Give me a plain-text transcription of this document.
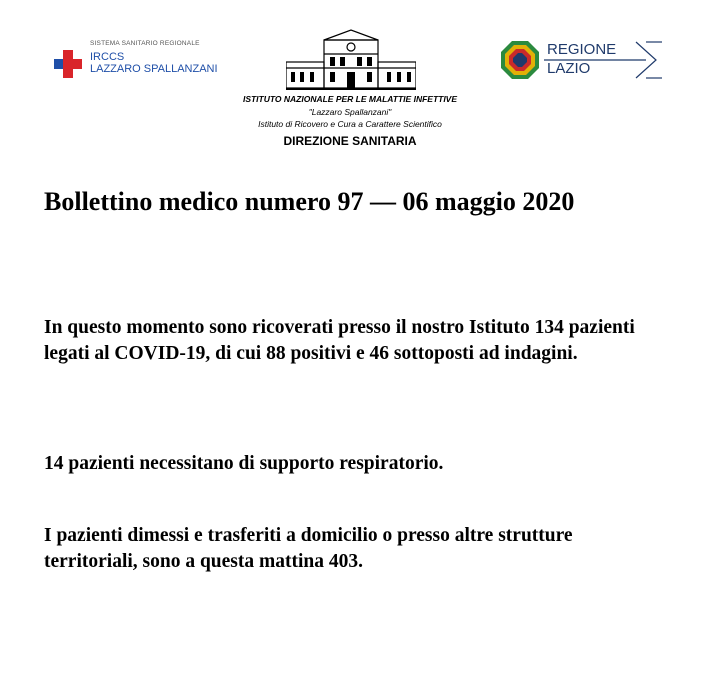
SISTEMA SANITARIO REGIONALE
IRCCS
LAZZARO SPALLANZANI
ISTITUTO NAZIONALE PER LE MALATTIE INFETTIVE
"Lazzaro Spallanzani"
Istituto di Ricovero e Cura a Carattere Scientifico
DIREZIONE SANITARIA
REGIONE
LAZIO
Bollettino medico numero 97 — 06 maggio 2020
In questo momento sono ricoverati presso il nostro Istituto 134 pazienti legati al COVID-19, di cui 88 positivi e 46 sottoposti ad indagini.
14 pazienti necessitano di supporto respiratorio.
I pazienti dimessi e trasferiti a domicilio o presso altre strutture territoriali, sono a questa mattina 403.
